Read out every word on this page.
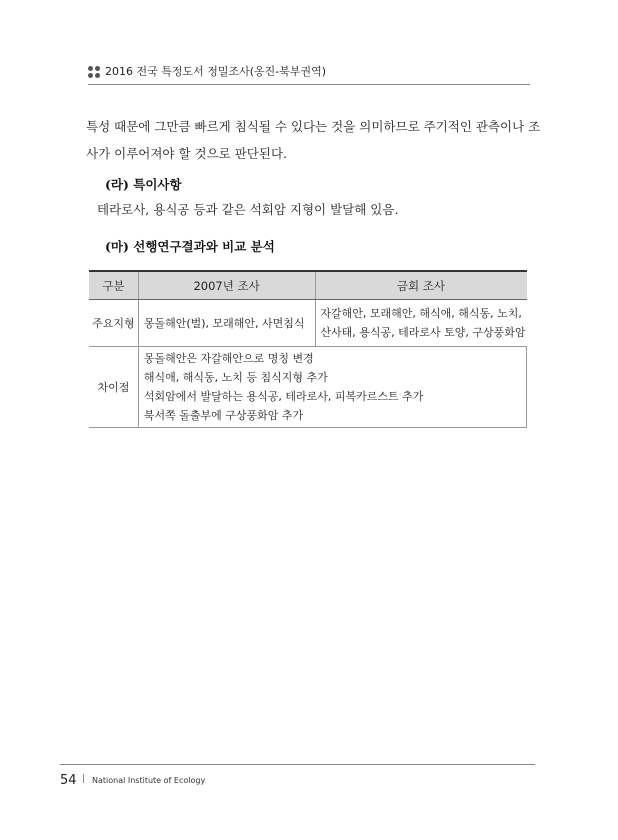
2016 전국 특정도서 정밀조사(옹진-북부권역)
특성 때문에 그만큼 빠르게 침식될 수 있다는 것을 의미하므로 주기적인 관측이나 조
사가 이루어져야 할 것으로 판단된다.
(라) 특이사항
테라로사, 용식공 등과 같은 석회암 지형이 발달해 있음.
(마) 선행연구결과와 비교 분석
구분	2007년 조사	금회 조사
주요지형	몽돌해안(벌), 모래해안, 사면침식	자갈해안, 모래해안, 해식애, 해식동, 노치,
산사태, 용식공, 테라로사 토양, 구상풍화암

차이점	몽돌해안은 자갈해안으로 명칭 변경
해식애, 해식동, 노치 등 침식지형 추가
석회암에서 발달하는 용식공, 테라로사, 피복카르스트 추가
북서쪽 돌출부에 구상풍화암 추가	
54 | National Institute of Ecology
